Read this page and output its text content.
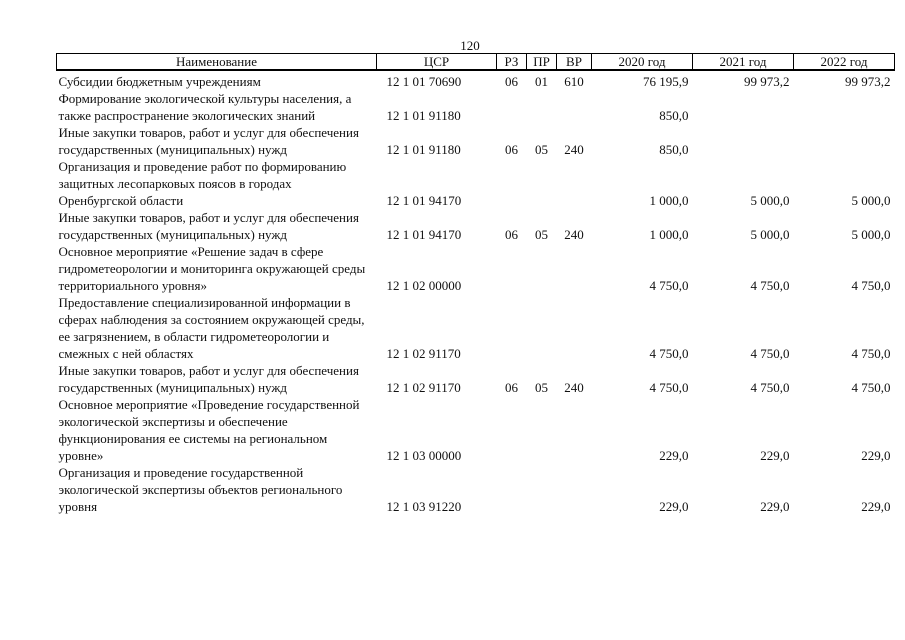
120
Наименование	ЦСР	РЗ	ПР	ВР	2020 год	2021 год	2022 год
Субсидии бюджетным учреждениям	12 1 01 70690	06	01	610	76 195,9	99 973,2	99 973,2
Формирование экологической культуры населения, а также распространение экологических знаний	12 1 01 91180				850,0		
Иные закупки товаров, работ и услуг для обеспечения государственных (муниципальных) нужд	12 1 01 91180	06	05	240	850,0		
Организация и проведение работ по формированию защитных лесопарковых поясов в городах Оренбургской области	12 1 01 94170				1 000,0	5 000,0	5 000,0
Иные закупки товаров, работ и услуг для обеспечения государственных (муниципальных) нужд	12 1 01 94170	06	05	240	1 000,0	5 000,0	5 000,0
Основное мероприятие «Решение задач в сфере гидрометеорологии и мониторинга окружающей среды территориального уровня»	12 1 02 00000				4 750,0	4 750,0	4 750,0
Предоставление специализированной информации в сферах наблюдения за состоянием окружающей среды, ее загрязнением, в области гидрометеорологии и смежных с ней областях	12 1 02 91170				4 750,0	4 750,0	4 750,0
Иные закупки товаров, работ и услуг для обеспечения государственных (муниципальных) нужд	12 1 02 91170	06	05	240	4 750,0	4 750,0	4 750,0
Основное мероприятие «Проведение государственной экологической экспертизы и обеспечение функционирования ее системы на региональном уровне»	12 1 03 00000				229,0	229,0	229,0
Организация и проведение государственной экологической экспертизы объектов регионального уровня	12 1 03 91220				229,0	229,0	229,0
